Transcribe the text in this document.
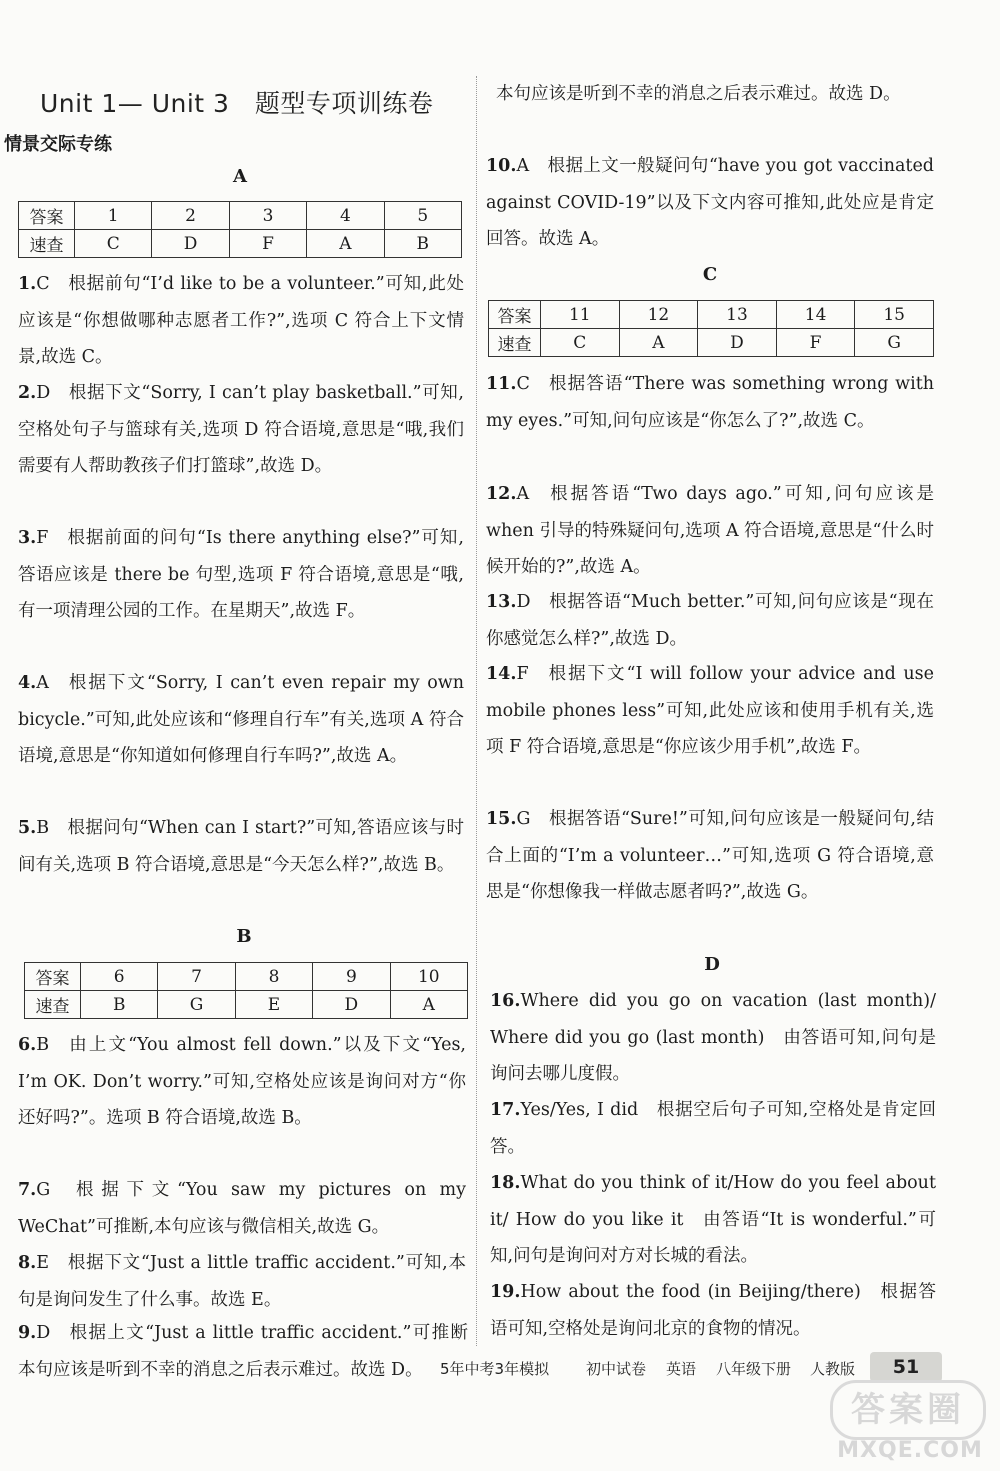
Unit 1— Unit 3　题型专项训练卷
情景交际专练
A
答案	1	2	3	4	5
速查	C	D	F	A	B
1.C 根据前句“I’d like to be a volunteer.”可知,此处应该是“你想做哪种志愿者工作?”,选项 C 符合上下文情景,故选 C。
2.D 根据下文“Sorry, I can’t play basketball.”可知,空格处句子与篮球有关,选项 D 符合语境,意思是“哦,我们需要有人帮助教孩子们打篮球”,故选 D。
3.F 根据前面的问句“Is there anything else?”可知,答语应该是 there be 句型,选项 F 符合语境,意思是“哦,有一项清理公园的工作。在星期天”,故选 F。
4.A 根据下文“Sorry, I can’t even repair my own bicycle.”可知,此处应该和“修理自行车”有关,选项 A 符合语境,意思是“你知道如何修理自行车吗?”,故选 A。
5.B 根据问句“When can I start?”可知,答语应该与时间有关,选项 B 符合语境,意思是“今天怎么样?”,故选 B。
B
答案	6	7	8	9	10
速查	B	G	E	D	A
6.B 由上文“You almost fell down.”以及下文“Yes, I’m OK. Don’t worry.”可知,空格处应该是询问对方“你还好吗?”。选项 B 符合语境,故选 B。
7.G 根据下文“You saw my pictures on my WeChat”可推断,本句应该与微信相关,故选 G。
8.E 根据下文“Just a little traffic accident.”可知,本句是询问发生了什么事。故选 E。
9.D 根据上文“Just a little traffic accident.”可推断本句应该是听到不幸的消息之后表示难过。故选 D。
本句应该是听到不幸的消息之后表示难过。故选 D。
10.A 根据上文一般疑问句“have you got vaccinated against COVID-19”以及下文内容可推知,此处应是肯定回答。故选 A。
C
答案	11	12	13	14	15
速查	C	A	D	F	G
11.C 根据答语“There was something wrong with my eyes.”可知,问句应该是“你怎么了?”,故选 C。
12.A 根据答语“Two days ago.”可知,问句应该是 when 引导的特殊疑问句,选项 A 符合语境,意思是“什么时候开始的?”,故选 A。
13.D 根据答语“Much better.”可知,问句应该是“现在你感觉怎么样?”,故选 D。
14.F 根据下文“I will follow your advice and use mobile phones less”可知,此处应该和使用手机有关,选项 F 符合语境,意思是“你应该少用手机”,故选 F。
15.G 根据答语“Sure!”可知,问句应该是一般疑问句,结合上面的“I’m a volunteer…”可知,选项 G 符合语境,意思是“你想像我一样做志愿者吗?”,故选 G。
D
16.Where did you go on vacation (last month)/ Where did you go (last month) 由答语可知,问句是询问去哪儿度假。
17.Yes/Yes, I did 根据空后句子可知,空格处是肯定回答。
18.What do you think of it/How do you feel about it/ How do you like it 由答语“It is wonderful.”可知,问句是询问对方对长城的看法。
19.How about the food (in Beijing/there) 根据答语可知,空格处是询问北京的食物的情况。
5年中考3年模拟 初中试卷 英语 八年级下册 人教版	51
答案圈
MXQE.COM
